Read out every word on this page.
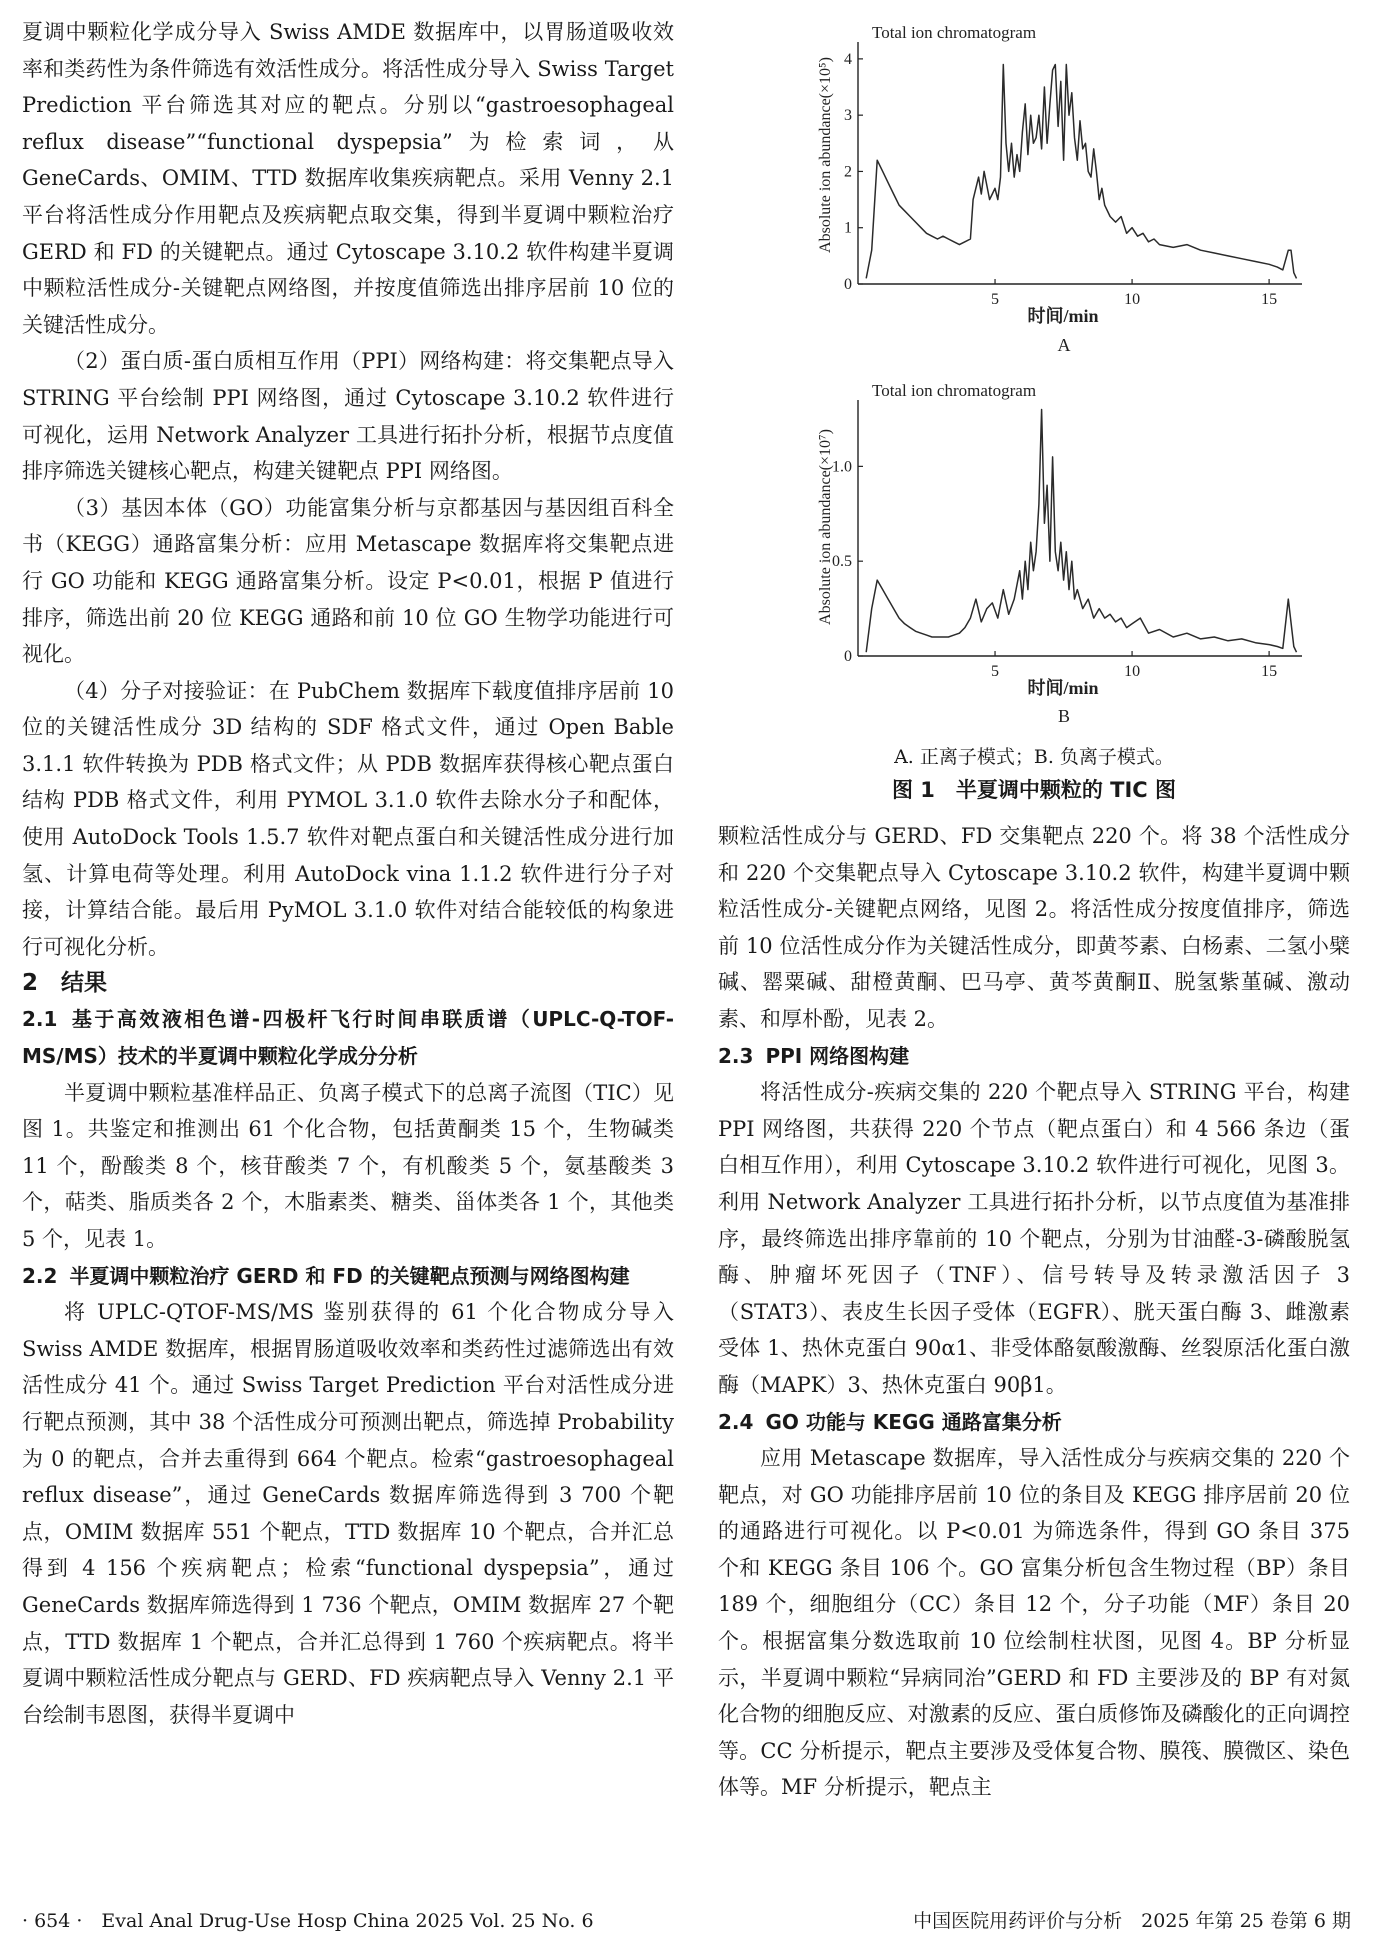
夏调中颗粒化学成分导入 Swiss AMDE 数据库中，以胃肠道吸收效率和类药性为条件筛选有效活性成分。将活性成分导入 Swiss Target Prediction 平台筛选其对应的靶点。分别以“gastroesophageal reflux disease”“functional dyspepsia”为检索词，从 GeneCards、OMIM、TTD 数据库收集疾病靶点。采用 Venny 2.1 平台将活性成分作用靶点及疾病靶点取交集，得到半夏调中颗粒治疗 GERD 和 FD 的关键靶点。通过 Cytoscape 3.10.2 软件构建半夏调中颗粒活性成分-关键靶点网络图，并按度值筛选出排序居前 10 位的关键活性成分。

（2）蛋白质-蛋白质相互作用（PPI）网络构建：将交集靶点导入 STRING 平台绘制 PPI 网络图，通过 Cytoscape 3.10.2 软件进行可视化，运用 Network Analyzer 工具进行拓扑分析，根据节点度值排序筛选关键核心靶点，构建关键靶点 PPI 网络图。

（3）基因本体（GO）功能富集分析与京都基因与基因组百科全书（KEGG）通路富集分析：应用 Metascape 数据库将交集靶点进行 GO 功能和 KEGG 通路富集分析。设定 P<0.01，根据 P 值进行排序，筛选出前 20 位 KEGG 通路和前 10 位 GO 生物学功能进行可视化。

（4）分子对接验证：在 PubChem 数据库下载度值排序居前 10 位的关键活性成分 3D 结构的 SDF 格式文件，通过 Open Bable 3.1.1 软件转换为 PDB 格式文件；从 PDB 数据库获得核心靶点蛋白结构 PDB 格式文件，利用 PYMOL 3.1.0 软件去除水分子和配体，使用 AutoDock Tools 1.5.7 软件对靶点蛋白和关键活性成分进行加氢、计算电荷等处理。利用 AutoDock vina 1.1.2 软件进行分子对接，计算结合能。最后用 PyMOL 3.1.0 软件对结合能较低的构象进行可视化分析。

2　结果

2.1 基于高效液相色谱-四极杆飞行时间串联质谱（UPLC-Q-TOF-MS/MS）技术的半夏调中颗粒化学成分分析

半夏调中颗粒基准样品正、负离子模式下的总离子流图（TIC）见图 1。共鉴定和推测出 61 个化合物，包括黄酮类 15 个，生物碱类 11 个，酚酸类 8 个，核苷酸类 7 个，有机酸类 5 个，氨基酸类 3 个，萜类、脂质类各 2 个，木脂素类、糖类、甾体类各 1 个，其他类 5 个，见表 1。

2.2 半夏调中颗粒治疗 GERD 和 FD 的关键靶点预测与网络图构建

将 UPLC-QTOF-MS/MS 鉴别获得的 61 个化合物成分导入 Swiss AMDE 数据库，根据胃肠道吸收效率和类药性过滤筛选出有效活性成分 41 个。通过 Swiss Target Prediction 平台对活性成分进行靶点预测，其中 38 个活性成分可预测出靶点，筛选掉 Probability 为 0 的靶点，合并去重得到 664 个靶点。检索“gastroesophageal reflux disease”，通过 GeneCards 数据库筛选得到 3 700 个靶点，OMIM 数据库 551 个靶点，TTD 数据库 10 个靶点，合并汇总得到 4 156 个疾病靶点；检索“functional dyspepsia”，通过 GeneCards 数据库筛选得到 1 736 个靶点，OMIM 数据库 27 个靶点，TTD 数据库 1 个靶点，合并汇总得到 1 760 个疾病靶点。将半夏调中颗粒活性成分靶点与 GERD、FD 疾病靶点导入 Venny 2.1 平台绘制韦恩图，获得半夏调中

Total ion chromatogram
Absolute ion abundance(×10⁵)
时间/min
A
5	10	15
0
1
2
3
4
Total ion chromatogram
Absolute ion abundance(×10⁷)
时间/min
B
5	10	15
0
0.5
1.0
A. 正离子模式；B. 负离子模式。
图 1　半夏调中颗粒的 TIC 图

颗粒活性成分与 GERD、FD 交集靶点 220 个。将 38 个活性成分和 220 个交集靶点导入 Cytoscape 3.10.2 软件，构建半夏调中颗粒活性成分-关键靶点网络，见图 2。将活性成分按度值排序，筛选前 10 位活性成分作为关键活性成分，即黄芩素、白杨素、二氢小檗碱、罂粟碱、甜橙黄酮、巴马亭、黄芩黄酮Ⅱ、脱氢紫堇碱、激动素、和厚朴酚，见表 2。

2.3 PPI 网络图构建

将活性成分-疾病交集的 220 个靶点导入 STRING 平台，构建 PPI 网络图，共获得 220 个节点（靶点蛋白）和 4 566 条边（蛋白相互作用），利用 Cytoscape 3.10.2 软件进行可视化，见图 3。利用 Network Analyzer 工具进行拓扑分析，以节点度值为基准排序，最终筛选出排序靠前的 10 个靶点，分别为甘油醛-3-磷酸脱氢酶、肿瘤坏死因子（TNF）、信号转导及转录激活因子 3（STAT3）、表皮生长因子受体（EGFR）、胱天蛋白酶 3、雌激素受体 1、热休克蛋白 90α1、非受体酪氨酸激酶、丝裂原活化蛋白激酶（MAPK）3、热休克蛋白 90β1。

2.4 GO 功能与 KEGG 通路富集分析

应用 Metascape 数据库，导入活性成分与疾病交集的 220 个靶点，对 GO 功能排序居前 10 位的条目及 KEGG 排序居前 20 位的通路进行可视化。以 P<0.01 为筛选条件，得到 GO 条目 375 个和 KEGG 条目 106 个。GO 富集分析包含生物过程（BP）条目 189 个，细胞组分（CC）条目 12 个，分子功能（MF）条目 20 个。根据富集分数选取前 10 位绘制柱状图，见图 4。BP 分析显示，半夏调中颗粒“异病同治”GERD 和 FD 主要涉及的 BP 有对氮化合物的细胞反应、对激素的反应、蛋白质修饰及磷酸化的正向调控等。CC 分析提示，靶点主要涉及受体复合物、膜筏、膜微区、染色体等。MF 分析提示，靶点主

· 654 ·　Eval Anal Drug-Use Hosp China 2025 Vol. 25 No. 6	中国医院用药评价与分析　2025 年第 25 卷第 6 期
